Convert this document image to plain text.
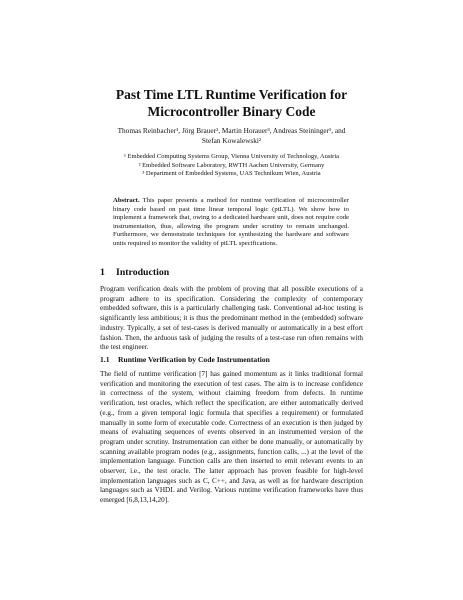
Past Time LTL Runtime Verification for
Microcontroller Binary Code
Thomas Reinbacher¹, Jörg Brauer², Martin Horauer³, Andreas Steininger¹, and
Stefan Kowalewski²
¹ Embedded Computing Systems Group, Vienna University of Technology, Austria
² Embedded Software Laboratory, RWTH Aachen University, Germany
³ Department of Embedded Systems, UAS Technikum Wien, Austria
Abstract. This paper presents a method for runtime verification of microcontroller binary code based on past time linear temporal logic (ptLTL). We show how to implement a framework that, owing to a dedicated hardware unit, does not require code instrumentation, thus, allowing the program under scrutiny to remain unchanged. Furthermore, we demonstrate techniques for synthesizing the hardware and software units required to monitor the validity of ptLTL specifications.
1 Introduction
Program verification deals with the problem of proving that all possible executions of a program adhere to its specification. Considering the complexity of contemporary embedded software, this is a particularly challenging task. Conventional ad-hoc testing is significantly less ambitious; it is thus the predominant method in the (embedded) software industry. Typically, a set of test-cases is derived manually or automatically in a best effort fashion. Then, the arduous task of judging the results of a test-case run often remains with the test engineer.
1.1 Runtime Verification by Code Instrumentation
The field of runtime verification [7] has gained momentum as it links traditional formal verification and monitoring the execution of test cases. The aim is to increase confidence in correctness of the system, without claiming freedom from defects. In runtime verification, test oracles, which reflect the specification, are either automatically derived (e.g., from a given temporal logic formula that specifies a requirement) or formulated manually in some form of executable code. Correctness of an execution is then judged by means of evaluating sequences of events observed in an instrumented version of the program under scrutiny. Instrumentation can either be done manually, or automatically by scanning available program nodes (e.g., assignments, function calls, ...) at the level of the implementation language. Function calls are then inserted to emit relevant events to an observer, i.e., the test oracle. The latter approach has proven feasible for high-level implementation languages such as C, C++, and Java, as well as for hardware description languages such as VHDL and Verilog. Various runtime verification frameworks have thus emerged [6,8,13,14,20].
